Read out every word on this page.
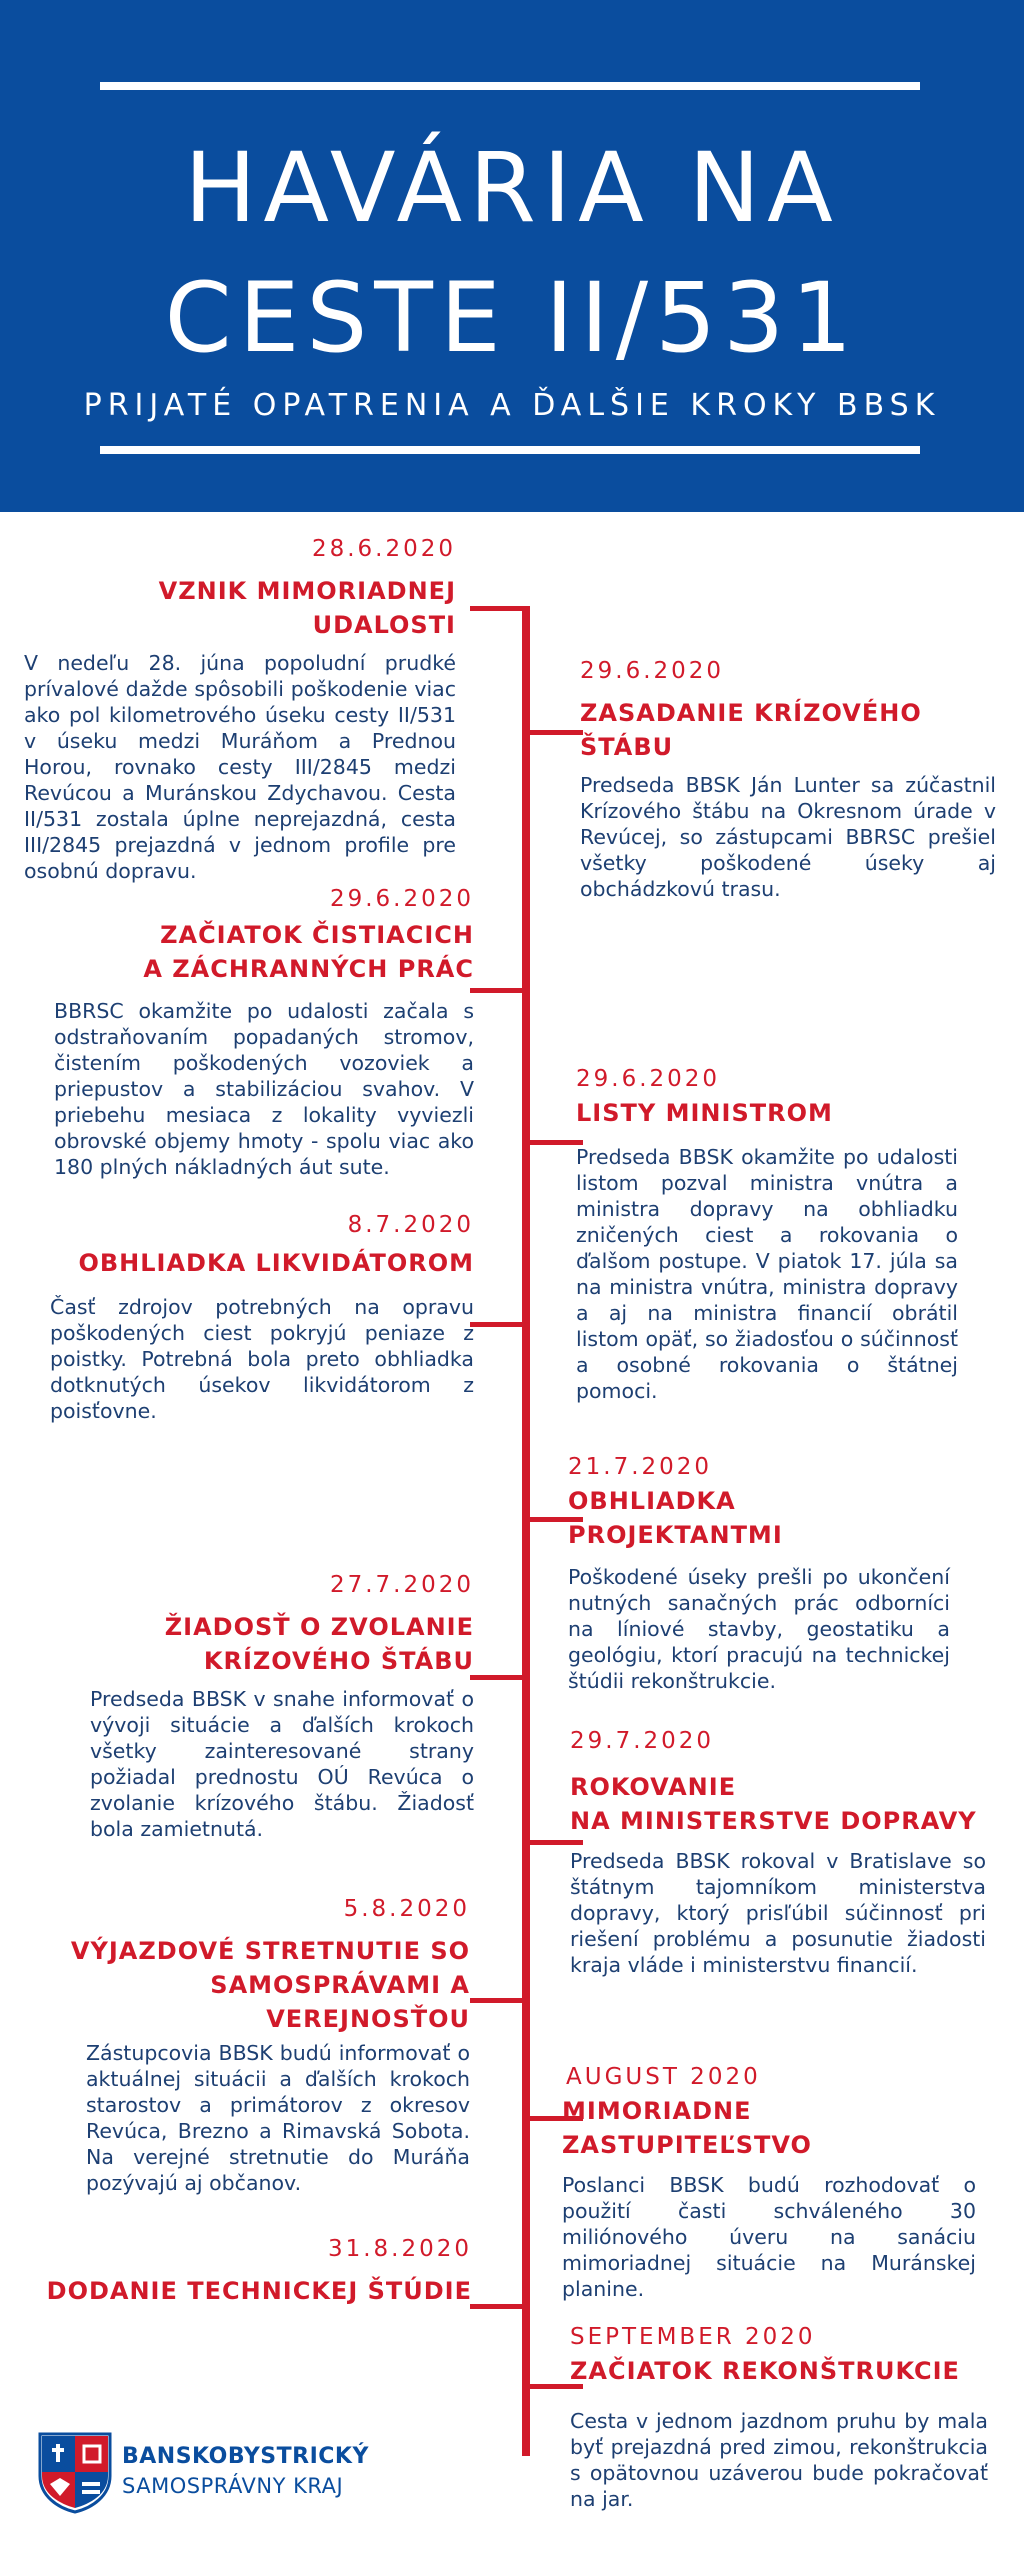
HAVÁRIA NA
CESTE II/531
PRIJATÉ OPATRENIA A ĎALŠIE KROKY BBSK
28.6.2020
VZNIK MIMORIADNEJ UDALOSTI
V nedeľu 28. júna popoludní prudké prívalové dažde spôsobili poškodenie viac ako pol kilometrového úseku cesty II/531 v úseku medzi Muráňom a Prednou Horou, rovnako cesty III/2845 medzi Revúcou a Muránskou Zdychavou. Cesta II/531 zostala úplne neprejazdná, cesta III/2845 prejazdná v jednom profile pre osobnú dopravu.
29.6.2020
ZASADANIE KRÍZOVÉHO ŠTÁBU
Predseda BBSK Ján Lunter sa zúčastnil Krízového štábu na Okresnom úrade v Revúcej, so zástupcami BBRSC prešiel všetky poškodené úseky aj obchádzkovú trasu.
29.6.2020
ZAČIATOK ČISTIACICH
A ZÁCHRANNÝCH PRÁC
BBRSC okamžite po udalosti začala s odstraňovaním popadaných stromov, čistením poškodených vozoviek a priepustov a stabilizáciou svahov. V priebehu mesiaca z lokality vyviezli obrovské objemy hmoty - spolu viac ako 180 plných nákladných áut sute.
29.6.2020
LISTY MINISTROM
Predseda BBSK okamžite po udalosti listom pozval ministra vnútra a ministra dopravy na obhliadku zničených ciest a rokovania o ďalšom postupe. V piatok 17. júla sa na ministra vnútra, ministra dopravy a aj na ministra financií obrátil listom opäť, so žiadosťou o súčinnosť a osobné rokovania o štátnej pomoci.
8.7.2020
OBHLIADKA LIKVIDÁTOROM
Časť zdrojov potrebných na opravu poškodených ciest pokryjú peniaze z poistky. Potrebná bola preto obhliadka dotknutých úsekov likvidátorom z poisťovne.
21.7.2020
OBHLIADKA PROJEKTANTMI
Poškodené úseky prešli po ukončení nutných sanačných prác odborníci na líniové stavby, geostatiku a geológiu, ktorí pracujú na technickej štúdii rekonštrukcie.
27.7.2020
ŽIADOSŤ O ZVOLANIE
KRÍZOVÉHO ŠTÁBU
Predseda BBSK v snahe informovať o vývoji situácie a ďalších krokoch všetky zainteresované strany požiadal prednostu OÚ Revúca o zvolanie krízového štábu. Žiadosť bola zamietnutá.
29.7.2020
ROKOVANIE
NA MINISTERSTVE DOPRAVY
Predseda BBSK rokoval v Bratislave so štátnym tajomníkom ministerstva dopravy, ktorý prisľúbil súčinnosť pri riešení problému a posunutie žiadosti kraja vláde i ministerstvu financií.
5.8.2020
VÝJAZDOVÉ STRETNUTIE SO
SAMOSPRÁVAMI A VEREJNOSŤOU
Zástupcovia BBSK budú informovať o aktuálnej situácii a ďalších krokoch starostov a primátorov z okresov Revúca, Brezno a Rimavská Sobota. Na verejné stretnutie do Muráňa pozývajú aj občanov.
AUGUST 2020
MIMORIADNE ZASTUPITEĽSTVO
Poslanci BBSK budú rozhodovať o použití časti schváleného 30 miliónového úveru na sanáciu mimoriadnej situácie na Muránskej planine.
31.8.2020
DODANIE TECHNICKEJ ŠTÚDIE
SEPTEMBER 2020
ZAČIATOK REKONŠTRUKCIE
Cesta v jednom jazdnom pruhu by mala byť prejazdná pred zimou, rekonštrukcia s opätovnou uzáverou bude pokračovať na jar.
BANSKOBYSTRICKÝ
SAMOSPRÁVNY KRAJ
